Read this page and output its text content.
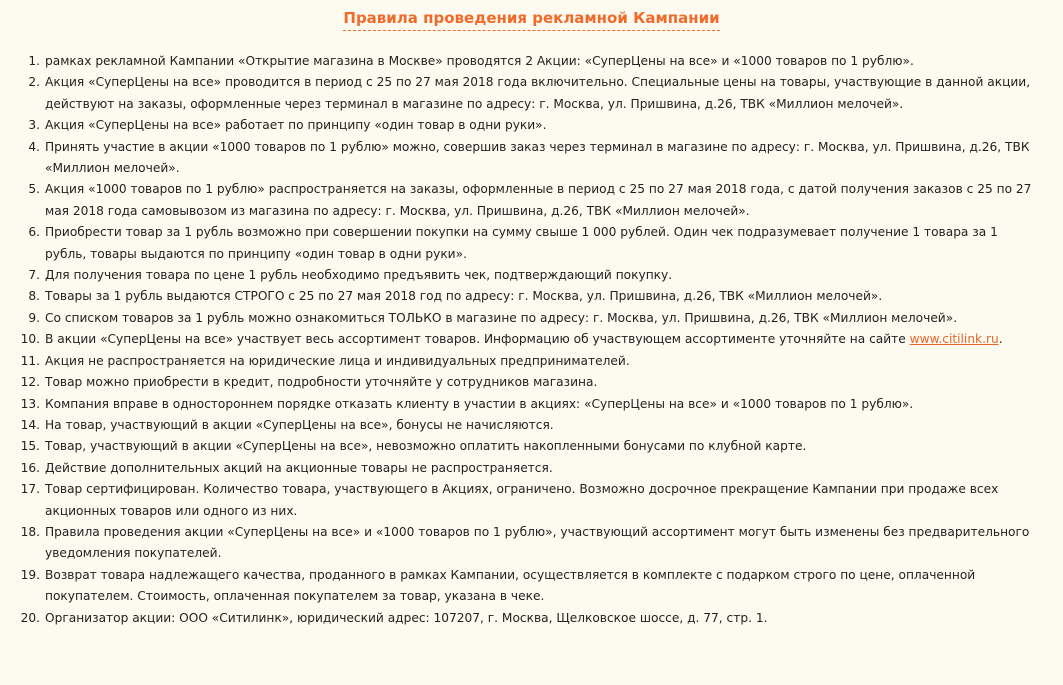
Правила проведения рекламной Кампании
1. рамках рекламной Кампании «Открытие магазина в Москве» проводятся 2 Акции: «СуперЦены на все» и «1000 товаров по 1 рублю».
2. Акция «СуперЦены на все» проводится в период с 25 по 27 мая 2018 года включительно. Специальные цены на товары, участвующие в данной акции, действуют на заказы, оформленные через терминал в магазине по адресу: г. Москва, ул. Пришвина, д.26, ТВК «Миллион мелочей».
3. Акция «СуперЦены на все» работает по принципу «один товар в одни руки».
4. Принять участие в акции «1000 товаров по 1 рублю» можно, совершив заказ через терминал в магазине по адресу: г. Москва, ул. Пришвина, д.26, ТВК «Миллион мелочей».
5. Акция «1000 товаров по 1 рублю» распространяется на заказы, оформленные в период с 25 по 27 мая 2018 года, с датой получения заказов с 25 по 27 мая 2018 года самовывозом из магазина по адресу: г. Москва, ул. Пришвина, д.26, ТВК «Миллион мелочей».
6. Приобрести товар за 1 рубль возможно при совершении покупки на сумму свыше 1 000 рублей. Один чек подразумевает получение 1 товара за 1 рубль, товары выдаются по принципу «один товар в одни руки».
7. Для получения товара по цене 1 рубль необходимо предъявить чек, подтверждающий покупку.
8. Товары за 1 рубль выдаются СТРОГО с 25 по 27 мая 2018 год по адресу: г. Москва, ул. Пришвина, д.26, ТВК «Миллион мелочей».
9. Со списком товаров за 1 рубль можно ознакомиться ТОЛЬКО в магазине по адресу: г. Москва, ул. Пришвина, д.26, ТВК «Миллион мелочей».
10. В акции «СуперЦены на все» участвует весь ассортимент товаров. Информацию об участвующем ассортименте уточняйте на сайте www.citilink.ru.
11. Акция не распространяется на юридические лица и индивидуальных предпринимателей.
12. Товар можно приобрести в кредит, подробности уточняйте у сотрудников магазина.
13. Компания вправе в одностороннем порядке отказать клиенту в участии в акциях: «СуперЦены на все» и «1000 товаров по 1 рублю».
14. На товар, участвующий в акции «СуперЦены на все», бонусы не начисляются.
15. Товар, участвующий в акции «СуперЦены на все», невозможно оплатить накопленными бонусами по клубной карте.
16. Действие дополнительных акций на акционные товары не распространяется.
17. Товар сертифицирован. Количество товара, участвующего в Акциях, ограничено. Возможно досрочное прекращение Кампании при продаже всех акционных товаров или одного из них.
18. Правила проведения акции «СуперЦены на все» и «1000 товаров по 1 рублю», участвующий ассортимент могут быть изменены без предварительного уведомления покупателей.
19. Возврат товара надлежащего качества, проданного в рамках Кампании, осуществляется в комплекте с подарком строго по цене, оплаченной покупателем. Стоимость, оплаченная покупателем за товар, указана в чеке.
20. Организатор акции: ООО «Ситилинк», юридический адрес: 107207, г. Москва, Щелковское шоссе, д. 77, стр. 1.
